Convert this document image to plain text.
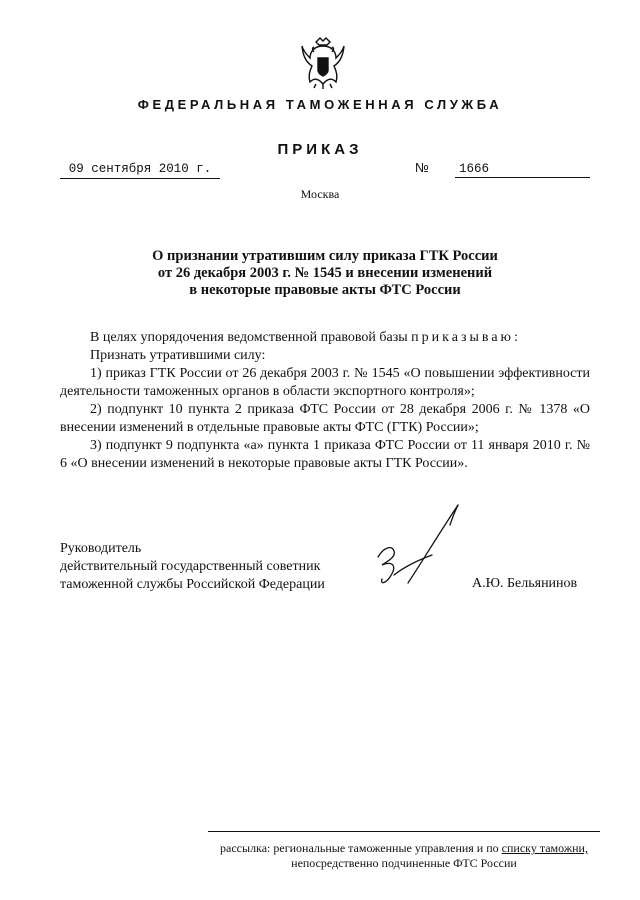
ФЕДЕРАЛЬНАЯ ТАМОЖЕННАЯ СЛУЖБА
ПРИКАЗ
09 сентября 2010 г.	№	1666
Москва
О признании утратившим силу приказа ГТК России
от 26 декабря 2003 г. № 1545 и внесении изменений
в некоторые правовые акты ФТС России

В целях упорядочения ведомственной правовой базы приказываю:

Признать утратившими силу:

1) приказ ГТК России от 26 декабря 2003 г. № 1545 «О повышении эффективности деятельности таможенных органов в области экспортного контроля»;

2) подпункт 10 пункта 2 приказа ФТС России от 28 декабря 2006 г. № 1378 «О внесении изменений в отдельные правовые акты ФТС (ГТК) России»;

3) подпункт 9 подпункта «а» пункта 1 приказа ФТС России от 11 января 2010 г. № 6 «О внесении изменений в некоторые правовые акты ГТК России».

Руководитель
действительный государственный советник
таможенной службы Российской Федерации	А.Ю. Бельянинов
рассылка: региональные таможенные управления и по списку таможни,
непосредственно подчиненные ФТС России
